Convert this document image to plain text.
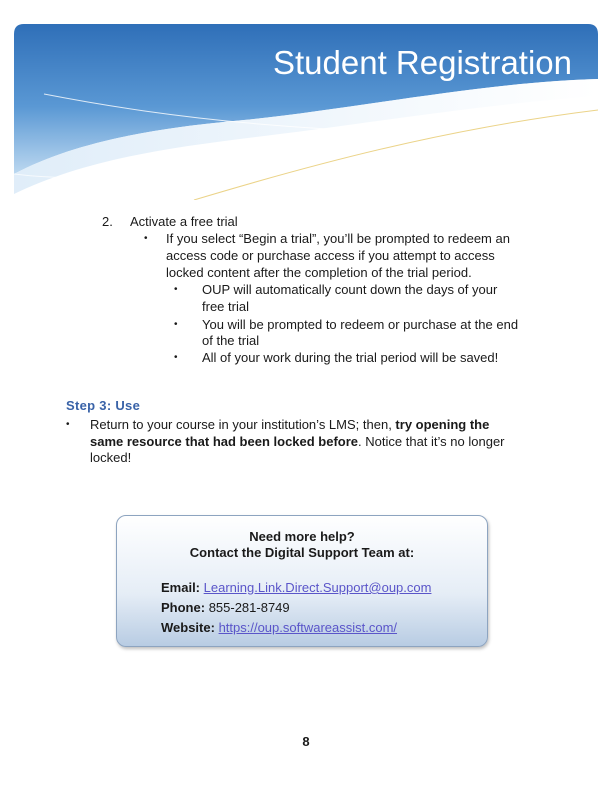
Student Registration
2. Activate a free trial
• If you select “Begin a trial”, you’ll be prompted to redeem an
access code or purchase access if you attempt to access
locked content after the completion of the trial period.
• OUP will automatically count down the days of your
free trial
• You will be prompted to redeem or purchase at the end
of the trial
• All of your work during the trial period will be saved!
Step 3: Use
• Return to your course in your institution’s LMS; then, try opening the
same resource that had been locked before. Notice that it’s no longer
locked!
Need more help?
Contact the Digital Support Team at:
Email: Learning.Link.Direct.Support@oup.com
Phone: 855-281-8749
Website: https://oup.softwareassist.com/
8
